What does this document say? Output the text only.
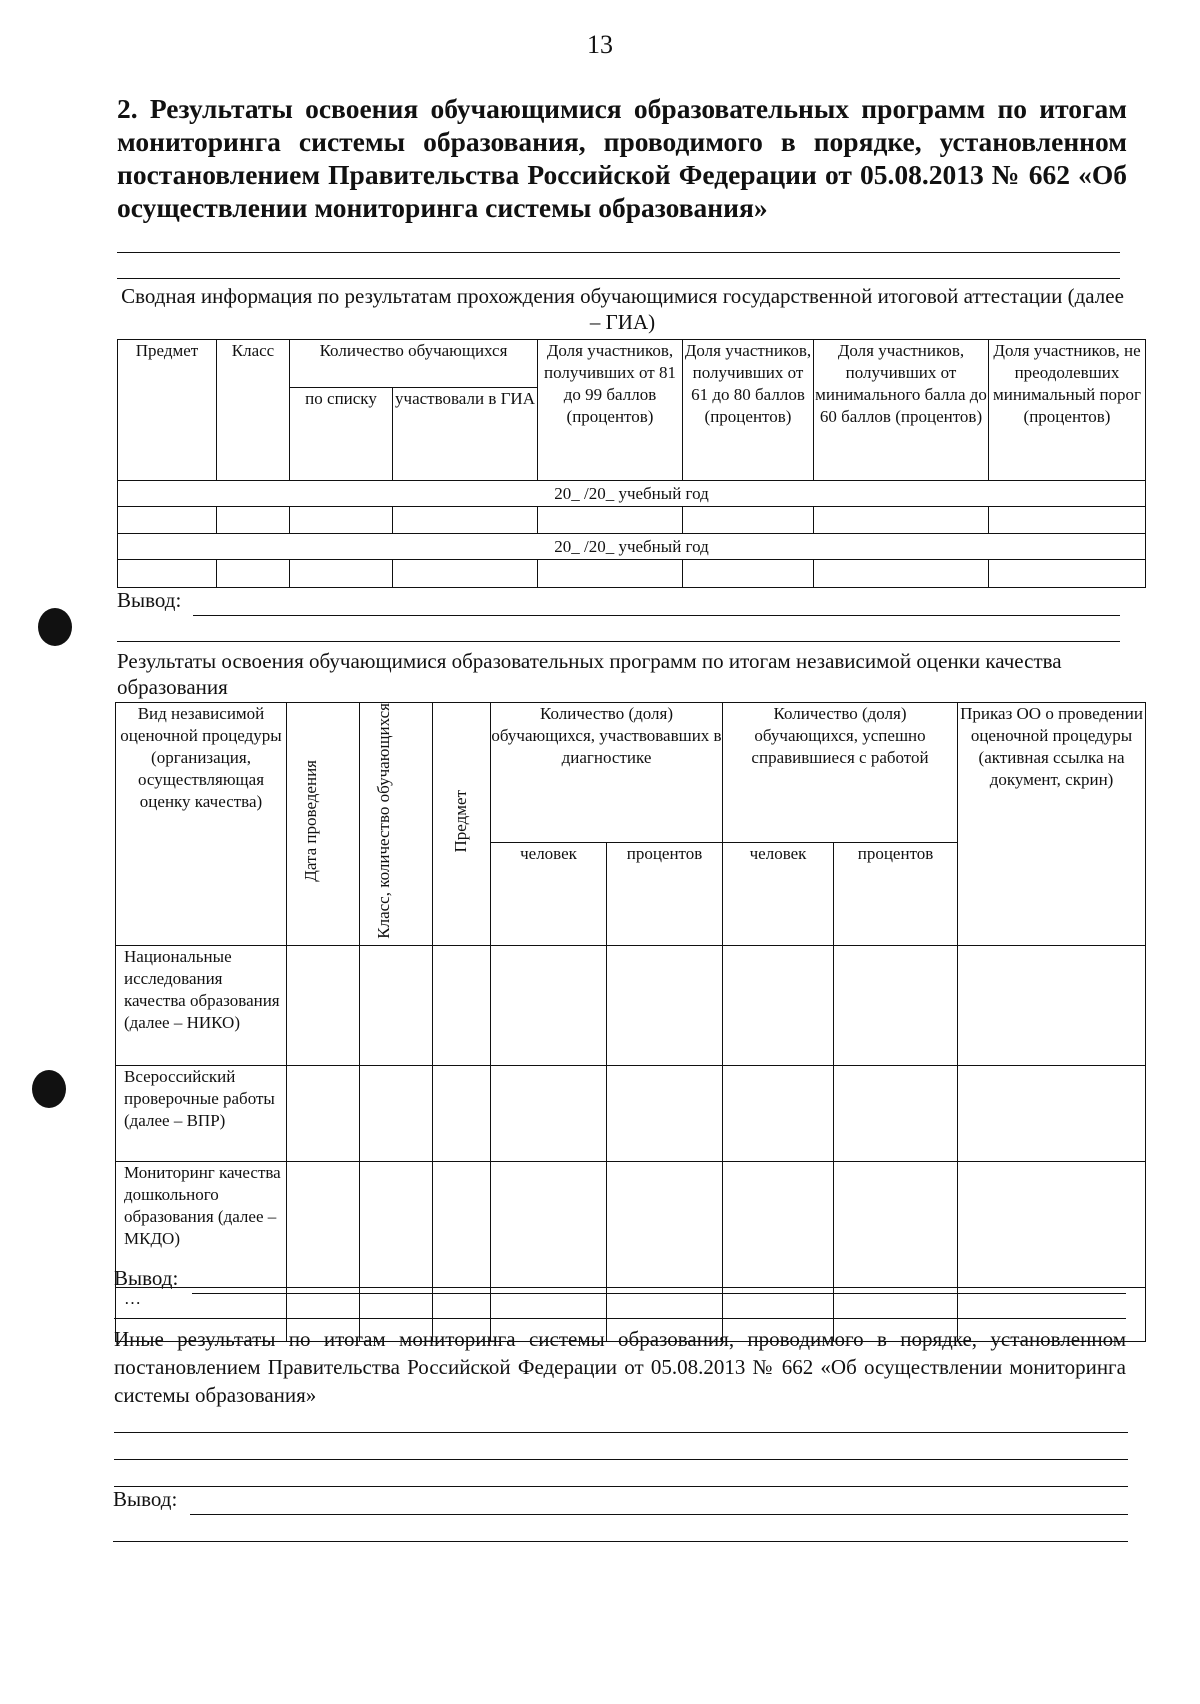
13
2. Результаты освоения обучающимися образовательных программ по итогам мониторинга системы образования, проводимого в порядке, установленном постановлением Правительства Российской Федерации от 05.08.2013 № 662 «Об осуществлении мониторинга системы образования»
Сводная информация по результатам прохождения обучающимися государственной итоговой аттестации (далее – ГИА)
Предмет	Класс	Количество обучающихся		Доля участников, получивших от 81 до 99 баллов (процентов)	Доля участников, получивших от 61 до 80 баллов (процентов)	Доля участников, получивших от минимального балла до 60 баллов (процентов)	Доля участников, не преодолевших минимальный порог (процентов)
		по списку	участвовали в ГИА				
20_ /20_ учебный год							

20_ /20_ учебный год							

Вывод:
Результаты освоения обучающимися образовательных программ по итогам независимой оценки качества образования
Вид независимой оценочной процедуры (организация, осуществляющая оценку качества)	Дата проведения	Класс, количество обучающихся	Предмет	Количество (доля) обучающихся, участвовавших в диагностике		Количество (доля) обучающихся, успешно справившиеся с работой		Приказ ОО о проведении оценочной процедуры (активная ссылка на документ, скрин)
				человек	процентов	человек	процентов	
Национальные исследования качества образования (далее – НИКО)								
Всероссийский проверочные работы (далее – ВПР)								
Мониторинг качества дошкольного образования (далее – МКДО)								
…								
Вывод:
Иные результаты по итогам мониторинга системы образования, проводимого в порядке, установленном постановлением Правительства Российской Федерации от 05.08.2013 № 662 «Об осуществлении мониторинга системы образования»
Вывод:
